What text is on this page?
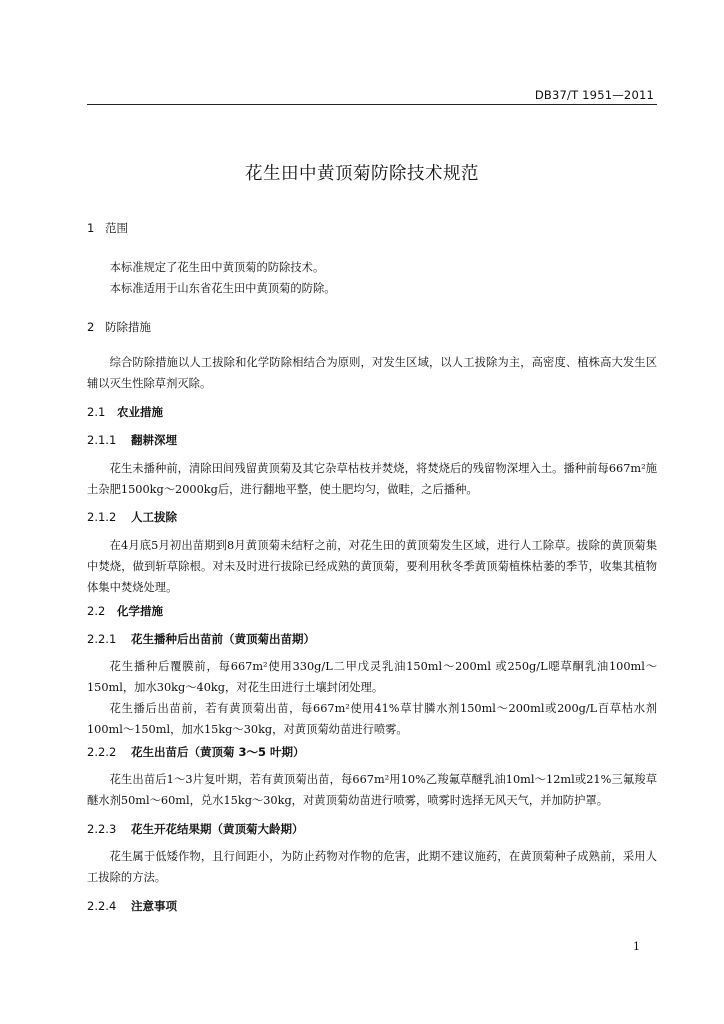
DB37/T 1951—2011
花生田中黄顶菊防除技术规范
1 范围

本标准规定了花生田中黄顶菊的防除技术。

本标准适用于山东省花生田中黄顶菊的防除。

2 防除措施

综合防除措施以人工拔除和化学防除相结合为原则，对发生区域，以人工拔除为主，高密度、植株高大发生区辅以灭生性除草剂灭除。

2.1 农业措施
2.1.1 翻耕深埋

花生未播种前，清除田间残留黄顶菊及其它杂草枯枝并焚烧，将焚烧后的残留物深埋入土。播种前每667m²施土杂肥1500kg～2000kg后，进行翻地平整，使土肥均匀，做畦，之后播种。

2.1.2 人工拔除

在4月底5月初出苗期到8月黄顶菊未结籽之前，对花生田的黄顶菊发生区域，进行人工除草。拔除的黄顶菊集中焚烧，做到斩草除根。对未及时进行拔除已经成熟的黄顶菊，要利用秋冬季黄顶菊植株枯萎的季节，收集其植物体集中焚烧处理。

2.2 化学措施
2.2.1 花生播种后出苗前（黄顶菊出苗期）

花生播种后覆膜前，每667m²使用330g/L二甲戊灵乳油150ml～200ml 或250g/L噁草酮乳油100ml～150ml，加水30kg～40kg，对花生田进行土壤封闭处理。

花生播后出苗前，若有黄顶菊出苗，每667m²使用41%草甘膦水剂150ml～200ml或200g/L百草枯水剂100ml～150ml，加水15kg～30kg，对黄顶菊幼苗进行喷雾。

2.2.2 花生出苗后（黄顶菊 3～5 叶期）

花生出苗后1～3片复叶期，若有黄顶菊出苗，每667m²用10%乙羧氟草醚乳油10ml～12ml或21%三氟羧草醚水剂50ml～60ml，兑水15kg～30kg，对黄顶菊幼苗进行喷雾，喷雾时选择无风天气，并加防护罩。

2.2.3 花生开花结果期（黄顶菊大龄期）

花生属于低矮作物，且行间距小，为防止药物对作物的危害，此期不建议施药，在黄顶菊种子成熟前，采用人工拔除的方法。

2.2.4 注意事项
1
